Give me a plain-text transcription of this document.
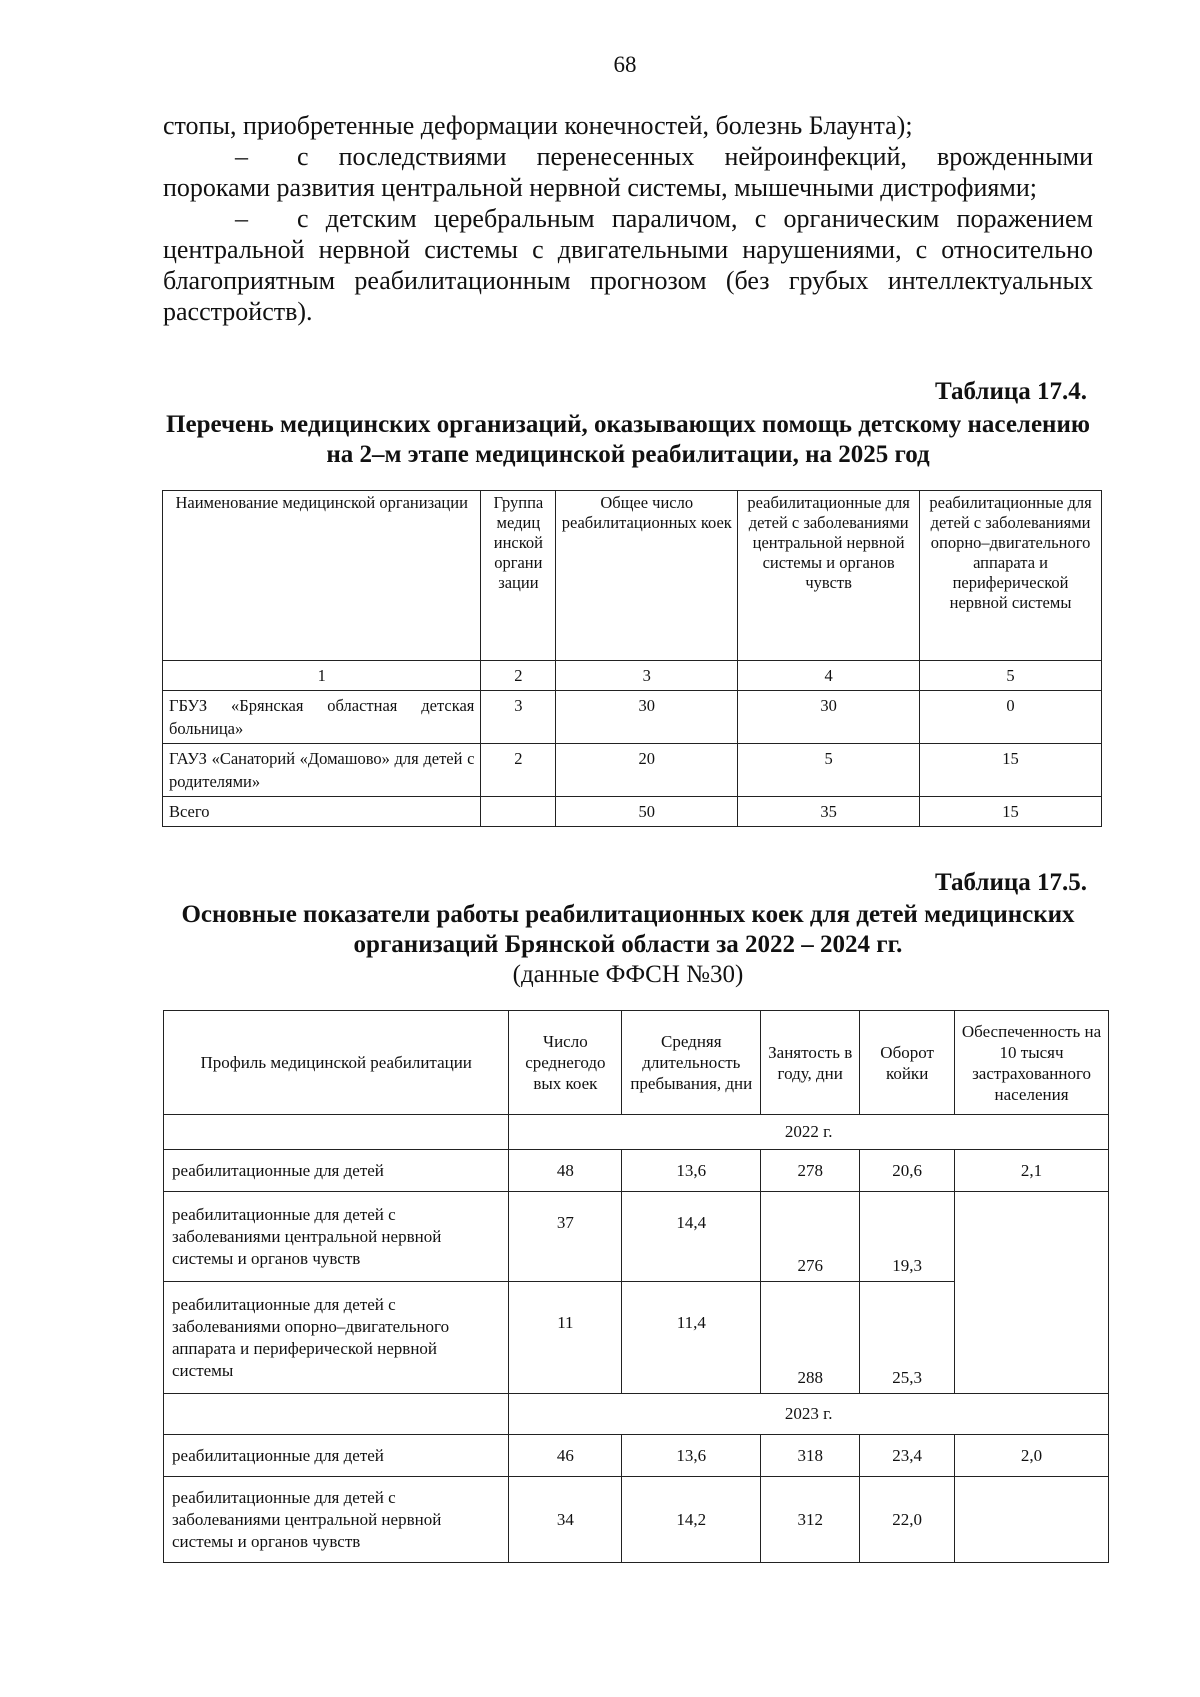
68

стопы, приобретенные деформации конечностей, болезнь Блаунта);

– с последствиями перенесенных нейроинфекций, врожденными пороками развития центральной нервной системы, мышечными дистрофиями;

– с детским церебральным параличом, с органическим поражением центральной нервной системы с двигательными нарушениями, с относительно благоприятным реабилитационным прогнозом (без грубых интеллектуальных расстройств).

Таблица 17.4.
Перечень медицинских организаций, оказывающих помощь детскому населению на 2–м этапе медицинской реабилитации, на 2025 год
Наименование медицинской организации	Группа медиц инской органи зации	Общее число реабилитационных коек	реабилитационные для детей с заболеваниями центральной нервной системы и органов чувств	реабилитационные для детей с заболеваниями опорно–двигательного аппарата и периферической нервной системы
1	2	3	4	5
ГБУЗ «Брянская областная детская больница»	3	30	30	0
ГАУЗ «Санаторий «Домашово» для детей с родителями»	2	20	5	15
Всего		50	35	15
Таблица 17.5.
Основные показатели работы реабилитационных коек для детей медицинских организаций Брянской области за 2022 – 2024 гг.
(данные ФФСН №30)
Профиль медицинской реабилитации	Число среднегодо вых коек	Средняя длительность пребывания, дни	Занятость в году, дни	Оборот койки	Обеспеченность на 10 тысяч застрахованного населения
	2022 г.				
реабилитационные для детей	48	13,6	278	20,6	2,1
реабилитационные для детей с заболеваниями центральной нервной системы и органов чувств	37	14,4	276	19,3	
реабилитационные для детей с заболеваниями опорно–двигательного аппарата и периферической нервной системы	11	11,4	288	25,3	
	2023 г.				
реабилитационные для детей	46	13,6	318	23,4	2,0
реабилитационные для детей с заболеваниями центральной нервной системы и органов чувств	34	14,2	312	22,0	
